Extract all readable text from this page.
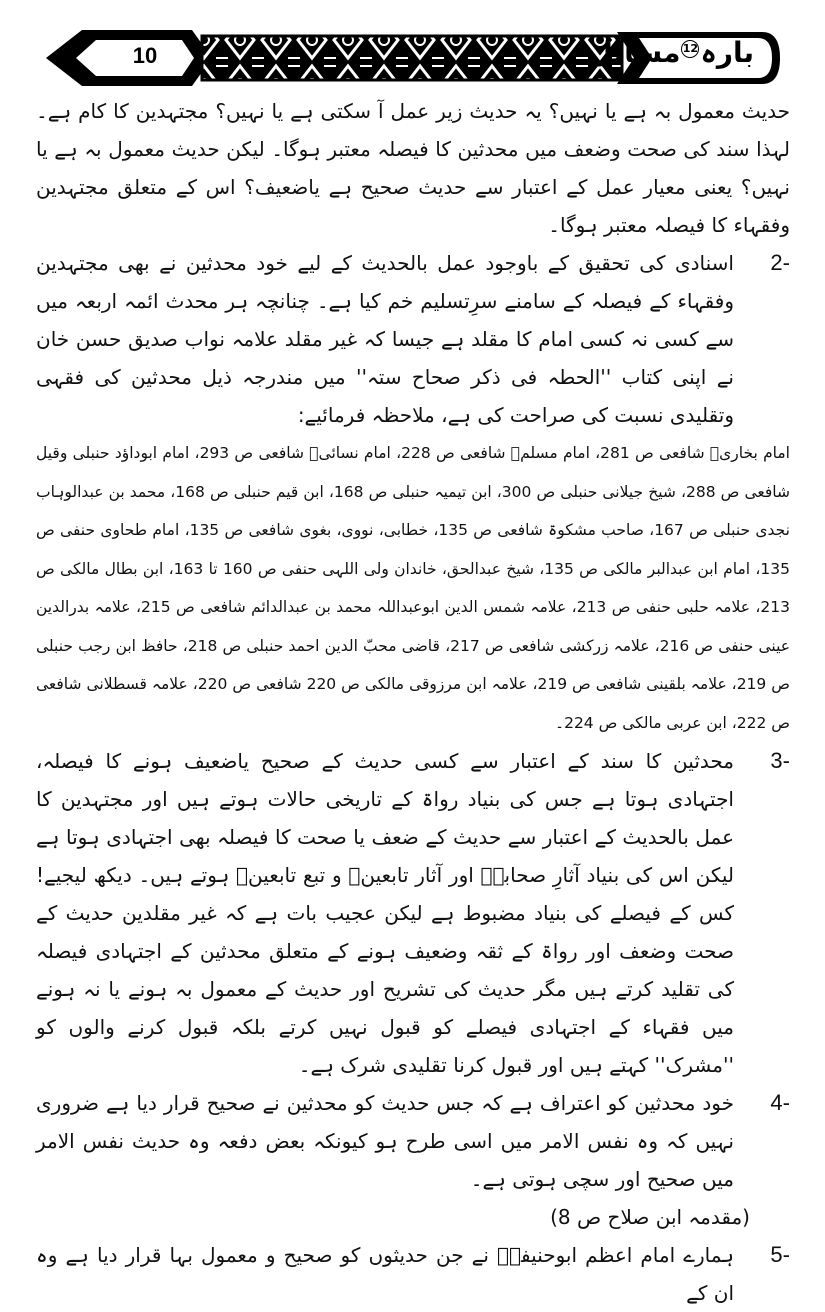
10	بارہ12مسائل

حدیث معمول بہ ہے یا نہیں؟ یہ حدیث زیر عمل آ سکتی ہے یا نہیں؟ مجتہدین کا کام ہے۔ لہذا سند کی صحت وضعف میں محدثین کا فیصلہ معتبر ہوگا۔ لیکن حدیث معمول بہ ہے یا نہیں؟ یعنی معیار عمل کے اعتبار سے حدیث صحیح ہے یاضعیف؟ اس کے متعلق مجتہدین وفقہاء کا فیصلہ معتبر ہوگا۔

-2
اسنادی کی تحقیق کے باوجود عمل بالحدیث کے لیے خود محدثین نے بھی مجتہدین وفقہاء کے فیصلہ کے سامنے سرِتسلیم خم کیا ہے۔ چنانچہ ہر محدث ائمہ اربعہ میں سے کسی نہ کسی امام کا مقلد ہے جیسا کہ غیر مقلد علامہ نواب صدیق حسن خان نے اپنی کتاب ''الحطہ فی ذکر صحاح ستہ'' میں مندرجہ ذیل محدثین کی فقہی وتقلیدی نسبت کی صراحت کی ہے، ملاحظہ فرمائیے:

امام بخاریؒ شافعی ص 281، امام مسلمؒ شافعی ص 228، امام نسائیؒ شافعی ص 293، امام ابوداؤد حنبلی وقیل شافعی ص 288، شیخ جیلانی حنبلی ص 300، ابن تیمیہ حنبلی ص 168، ابن قیم حنبلی ص 168، محمد بن عبدالوہاب نجدی حنبلی ص 167، صاحب مشکوۃ شافعی ص 135، خطابی، نووی، بغوی شافعی ص 135، امام طحاوی حنفی ص 135، امام ابن عبدالبر مالکی ص 135، شیخ عبدالحق، خاندان ولی اللہی حنفی ص 160 تا 163، ابن بطال مالکی ص 213، علامہ حلبی حنفی ص 213، علامہ شمس الدین ابوعبداللہ محمد بن عبدالدائم شافعی ص 215، علامہ بدرالدین عینی حنفی ص 216، علامہ زرکشی شافعی ص 217، قاضی محبّ الدین احمد حنبلی ص 218، حافظ ابن رجب حنبلی ص 219، علامہ بلقینی شافعی ص 219، علامہ ابن مرزوقی مالکی ص 220 شافعی ص 220، علامہ قسطلانی شافعی ص 222، ابن عربی مالکی ص 224۔

-3
محدثین کا سند کے اعتبار سے کسی حدیث کے صحیح یاضعیف ہونے کا فیصلہ، اجتہادی ہوتا ہے جس کی بنیاد رواۃ کے تاریخی حالات ہوتے ہیں اور مجتہدین کا عمل بالحدیث کے اعتبار سے حدیث کے ضعف یا صحت کا فیصلہ بھی اجتہادی ہوتا ہے لیکن اس کی بنیاد آثارِ صحابہؓ اور آثار تابعینؒ و تبع تابعینؒ ہوتے ہیں۔ دیکھ لیجیے! کس کے فیصلے کی بنیاد مضبوط ہے لیکن عجیب بات ہے کہ غیر مقلدین حدیث کے صحت وضعف اور رواۃ کے ثقہ وضعیف ہونے کے متعلق محدثین کے اجتہادی فیصلہ کی تقلید کرتے ہیں مگر حدیث کی تشریح اور حدیث کے معمول بہ ہونے یا نہ ہونے میں فقہاء کے اجتہادی فیصلے کو قبول نہیں کرتے بلکہ قبول کرنے والوں کو ''مشرک'' کہتے ہیں اور قبول کرنا تقلیدی شرک ہے۔
-4
خود محدثین کو اعتراف ہے کہ جس حدیث کو محدثین نے صحیح قرار دیا ہے ضروری نہیں کہ وہ نفس الامر میں اسی طرح ہو کیونکہ بعض دفعہ وہ حدیث نفس الامر میں صحیح اور سچی ہوتی ہے۔

(مقدمہ ابن صلاح ص 8)

-5
ہمارے امام اعظم ابوحنیفہؒ نے جن حدیثوں کو صحیح و معمول بہا قرار دیا ہے وہ ان کے
